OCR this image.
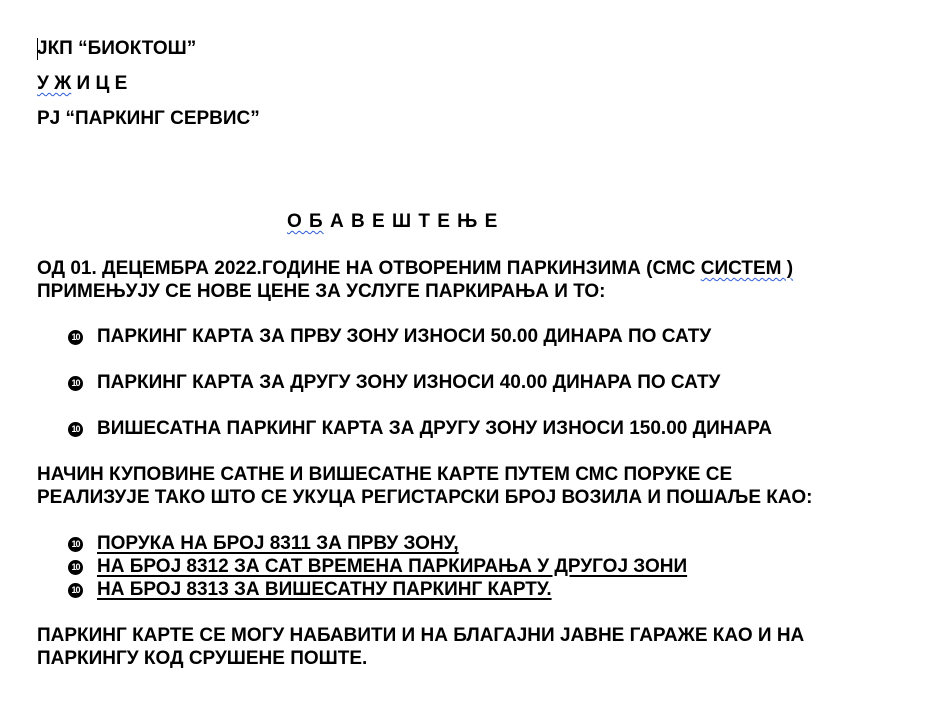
ЈКП “БИОКТОШ”
У Ж И Ц Е
РЈ “ПАРКИНГ СЕРВИС”
О Б А В Е Ш Т Е Њ Е
ОД 01. ДЕЦЕМБРА 2022.ГОДИНЕ НА ОТВОРЕНИМ ПАРКИНЗИМА (СМС СИСТЕМ )
ПРИМЕЊУЈУ СЕ НОВЕ ЦЕНЕ ЗА УСЛУГЕ ПАРКИРАЊА И ТО:
10 ПАРКИНГ КАРТА ЗА ПРВУ ЗОНУ ИЗНОСИ 50.00 ДИНАРА ПО САТУ
10 ПАРКИНГ КАРТА ЗА ДРУГУ ЗОНУ ИЗНОСИ 40.00 ДИНАРА ПО САТУ
10 ВИШЕСАТНА ПАРКИНГ КАРТА ЗА ДРУГУ ЗОНУ ИЗНОСИ 150.00 ДИНАРА
НАЧИН КУПОВИНЕ САТНЕ И ВИШЕСАТНЕ КАРТЕ ПУТЕМ СМС ПОРУКЕ СЕ
РЕАЛИЗУЈЕ ТАКО ШТО СЕ УКУЦА РЕГИСТАРСКИ БРОЈ ВОЗИЛА И ПОШАЉЕ КАО:
10 ПОРУКА НА БРОЈ 8311 ЗА ПРВУ ЗОНУ,
10 НА БРОЈ 8312 ЗА САТ ВРЕМЕНА ПАРКИРАЊА У ДРУГОЈ ЗОНИ
10 НА БРОЈ 8313 ЗА ВИШЕСАТНУ ПАРКИНГ КАРТУ.
ПАРКИНГ КАРТЕ СЕ МОГУ НАБАВИТИ И НА БЛАГАЈНИ ЈАВНЕ ГАРАЖЕ КАО И НА
ПАРКИНГУ КОД СРУШЕНЕ ПОШТЕ.
